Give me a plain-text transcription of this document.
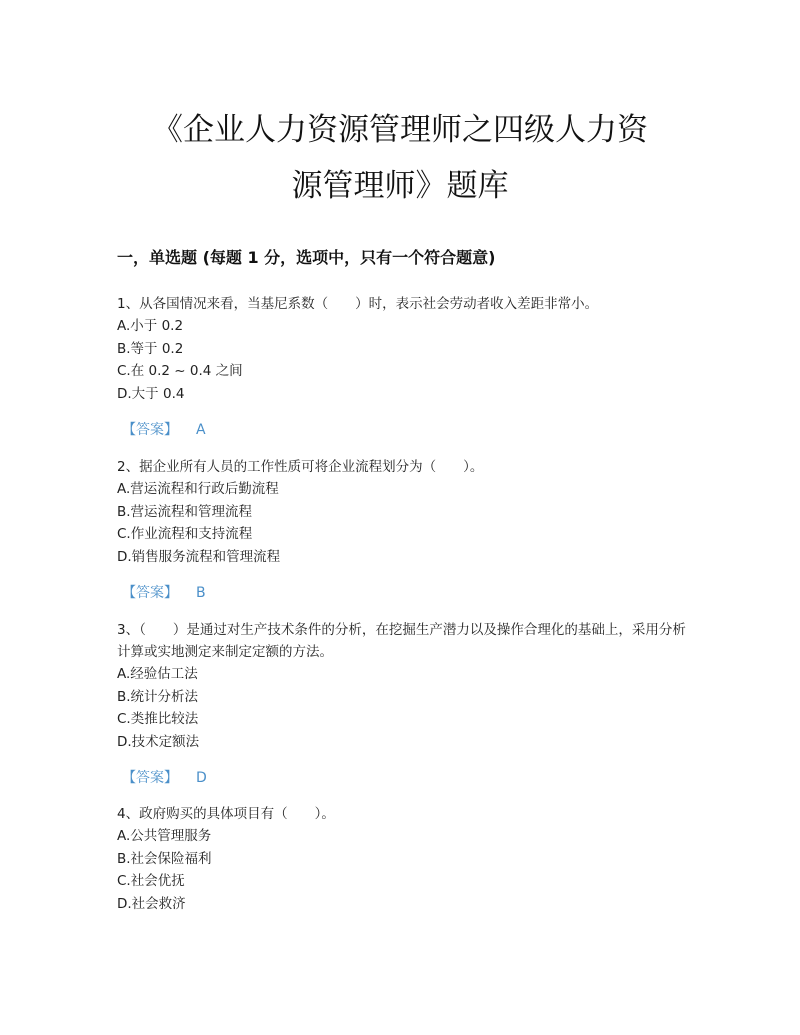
《企业人力资源管理师之四级人力资
源管理师》题库
一，单选题 (每题 1 分，选项中，只有一个符合题意)

1、从各国情况来看，当基尼系数（　　）时，表示社会劳动者收入差距非常小。

A.小于 0.2

B.等于 0.2

C.在 0.2 ~ 0.4 之间

D.大于 0.4

【答案】 A

2、据企业所有人员的工作性质可将企业流程划分为（　　）。

A.营运流程和行政后勤流程

B.营运流程和管理流程

C.作业流程和支持流程

D.销售服务流程和管理流程

【答案】 B

3、（　　）是通过对生产技术条件的分析，在挖掘生产潜力以及操作合理化的基础上，采用分析计算或实地测定来制定定额的方法。

A.经验估工法

B.统计分析法

C.类推比较法

D.技术定额法

【答案】 D

4、政府购买的具体项目有（　　）。

A.公共管理服务

B.社会保险福利

C.社会优抚

D.社会救济
